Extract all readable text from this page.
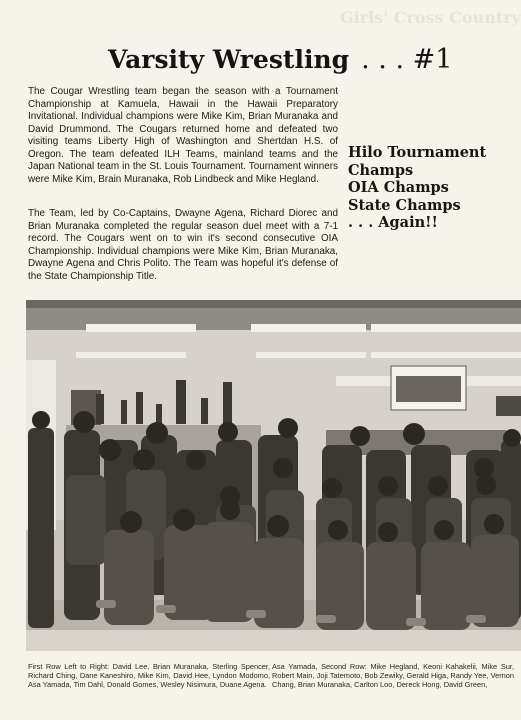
Girls' Cross Country
Varsity Wrestling . . . #1

The Cougar Wrestling team began the season with a Tournament Championship at Kamuela, Hawaii in the Hawaii Preparatory Invitational. Individual champions were Mike Kim, Brian Muranaka and David Drummond. The Cougars returned home and defeated two visiting teams Liberty High of Washington and Shertdan H.S. of Oregon. The team defeated ILH Teams, mainland teams and the Japan National team in the St. Louis Tournament. Tournament winners were Mike Kim, Brain Muranaka, Rob Lindbeck and Mike Hegland.

The Team, led by Co-Captains, Dwayne Agena, Richard Diorec and Brian Muranaka completed the regular season duel meet with a 7-1 record. The Cougars went on to win it's second consecutive OIA Championship. Individual champions were Mike Kim, Brian Muranaka, Dwayne Agena and Chris Polito. The Team was hopeful it's defense of the State Championship Title.

Hilo Tournament
Champs
OIA Champs
State Champs
. . . Again!!

First Row Left to Right: David Lee, Brian Muranaka, Sterling Spencer, Richard Ching, Dane Kaneshiro, Mike Kim, David Hee, Lyndon Modomo, Asa Yamada, Tim Dahl, Donald Gomes, Wesley Nisimura, Duane Agena.

Asa Yamada, Second Row: Mike Hegland, Keoni Kahakelii, Mike Sur, Robert Main, Joji Tatemoto, Bob Zewiky, Gerald Higa, Randy Yee, Vernon Chang, Brian Muranaka, Carlton Loo, Dereck Hong, David Green,
